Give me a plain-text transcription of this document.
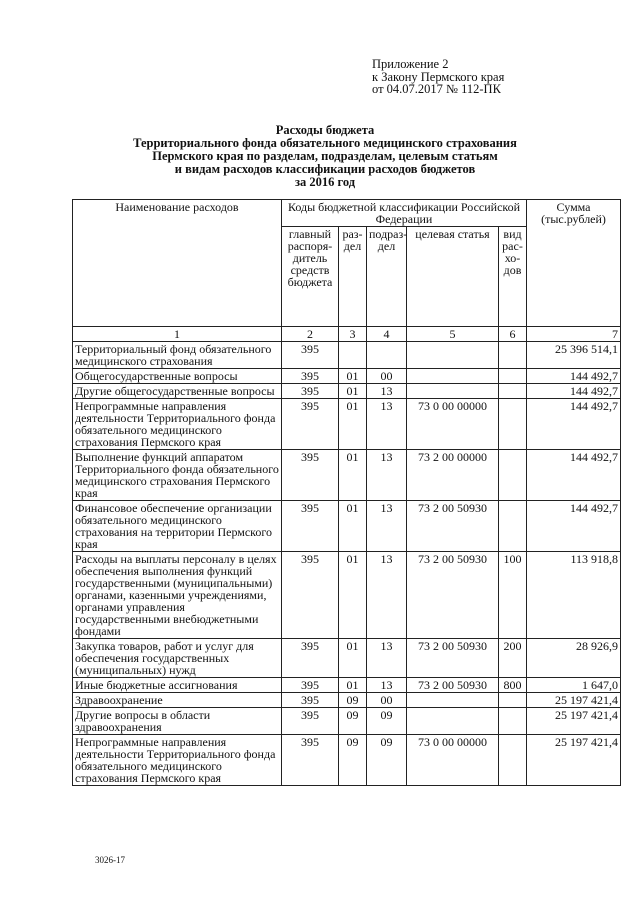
Приложение 2
к Закону Пермского края
от 04.07.2017 № 112-ПК
Расходы бюджета
Территориального фонда обязательного медицинского страхования
Пермского края по разделам, подразделам, целевым статьям
и видам расходов классификации расходов бюджетов
за 2016 год
Наименование расходов	Коды бюджетной классификации Российской Федерации					Сумма (тыс.рублей)
	главный распоря-дитель средств бюджета	раз-дел	подраз-дел	целевая статья	вид рас-хо-дов	
1	2	3	4	5	6	7
Территориальный фонд обязательного медицинского страхования	395					25 396 514,1
Общегосударственные вопросы	395	01	00			144 492,7
Другие общегосударственные вопросы	395	01	13			144 492,7
Непрограммные направления деятельности Территориального фонда обязательного медицинского страхования Пермского края	395	01	13	73 0 00 00000		144 492,7
Выполнение функций аппаратом Территориального фонда обязательного медицинского страхования Пермского края	395	01	13	73 2 00 00000		144 492,7
Финансовое обеспечение организации обязательного медицинского страхования на территории Пермского края	395	01	13	73 2 00 50930		144 492,7
Расходы на выплаты персоналу в целях обеспечения выполнения функций государственными (муниципальными) органами, казенными учреждениями, органами управления государственными внебюджетными фондами	395	01	13	73 2 00 50930	100	113 918,8
Закупка товаров, работ и услуг для обеспечения государственных (муниципальных) нужд	395	01	13	73 2 00 50930	200	28 926,9
Иные бюджетные ассигнования	395	01	13	73 2 00 50930	800	1 647,0
Здравоохранение	395	09	00			25 197 421,4
Другие вопросы в области здравоохранения	395	09	09			25 197 421,4
Непрограммные направления деятельности Территориального фонда обязательного медицинского страхования Пермского края	395	09	09	73 0 00 00000		25 197 421,4
3026-17
